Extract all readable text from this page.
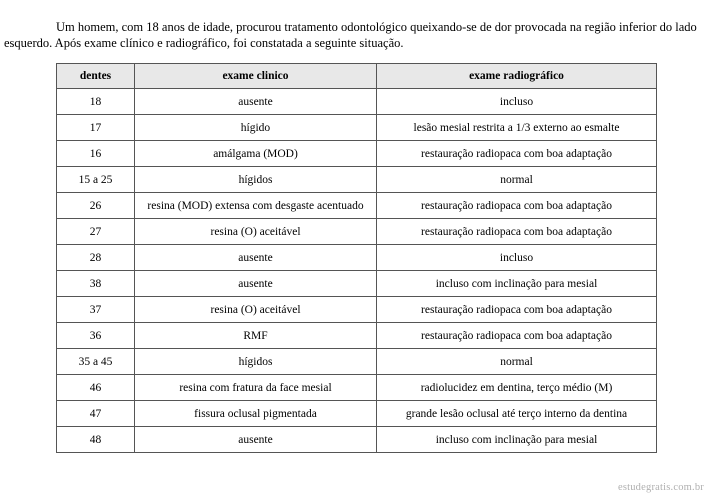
Um homem, com 18 anos de idade, procurou tratamento odontológico queixando-se de dor provocada na região inferior do lado esquerdo. Após exame clínico e radiográfico, foi constatada a seguinte situação.

dentes	exame clinico	exame radiográfico
18	ausente	incluso
17	hígido	lesão mesial restrita a 1/3 externo ao esmalte
16	amálgama (MOD)	restauração radiopaca com boa adaptação
15 a 25	hígidos	normal
26	resina (MOD) extensa com desgaste acentuado	restauração radiopaca com boa adaptação
27	resina (O) aceitável	restauração radiopaca com boa adaptação
28	ausente	incluso
38	ausente	incluso com inclinação para mesial
37	resina (O) aceitável	restauração radiopaca com boa adaptação
36	RMF	restauração radiopaca com boa adaptação
35 a 45	hígidos	normal
46	resina com fratura da face mesial	radiolucidez em dentina, terço médio (M)
47	fissura oclusal pigmentada	grande lesão oclusal até terço interno da dentina
48	ausente	incluso com inclinação para mesial
estudegratis.com.br
